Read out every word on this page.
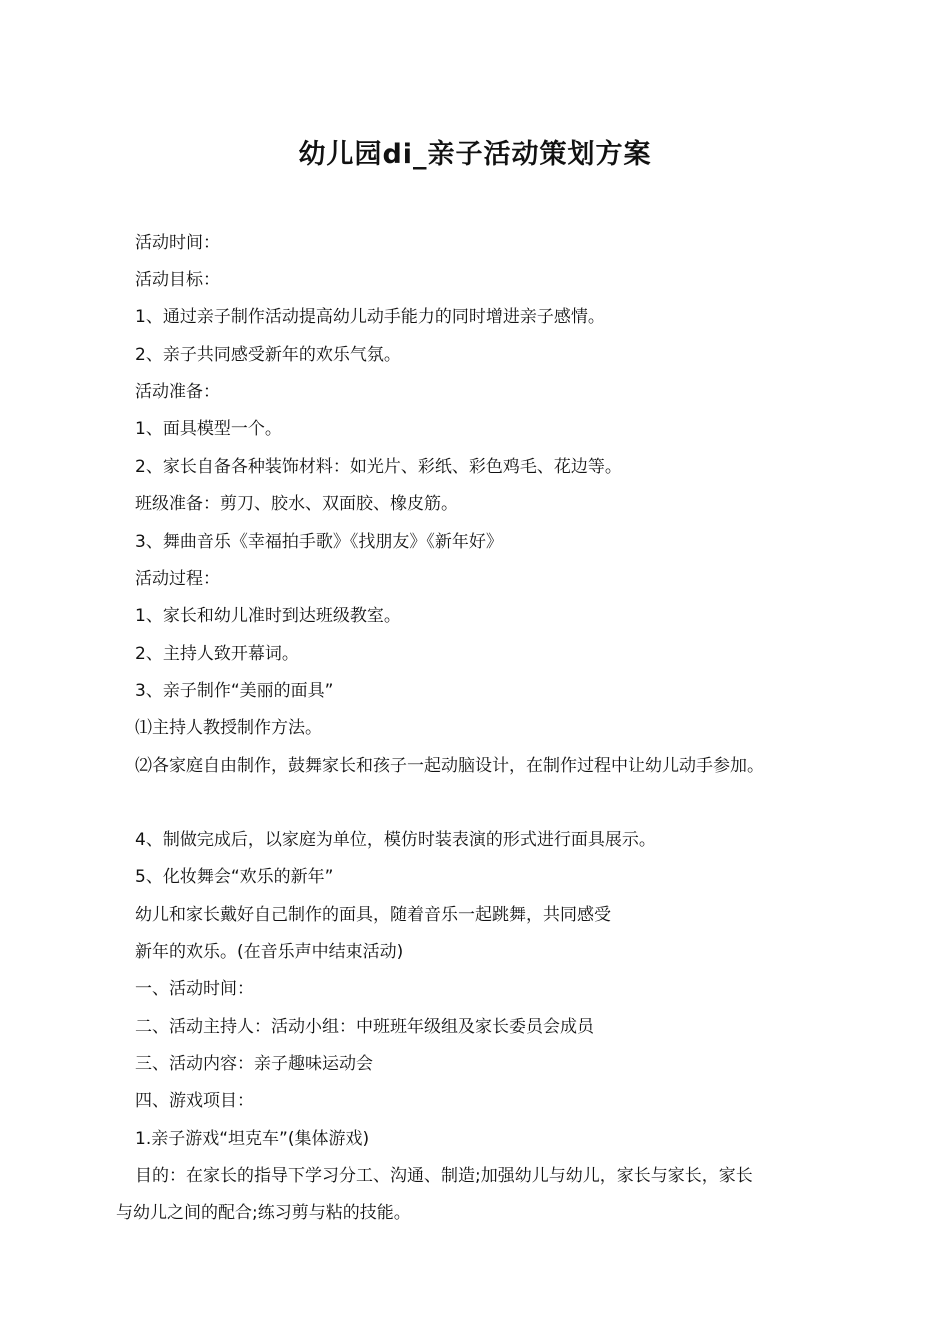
幼儿园di_亲子活动策划方案
活动时间：
活动目标：
1、通过亲子制作活动提高幼儿动手能力的同时增进亲子感情。
2、亲子共同感受新年的欢乐气氛。
活动准备：
1、面具模型一个。
2、家长自备各种装饰材料：如光片、彩纸、彩色鸡毛、花边等。
班级准备：剪刀、胶水、双面胶、橡皮筋。
3、舞曲音乐《幸福拍手歌》《找朋友》《新年好》
活动过程：
1、家长和幼儿准时到达班级教室。
2、主持人致开幕词。
3、亲子制作“美丽的面具”
⑴主持人教授制作方法。
⑵各家庭自由制作，鼓舞家长和孩子一起动脑设计，在制作过程中让幼儿动手参加。
4、制做完成后，以家庭为单位，模仿时装表演的形式进行面具展示。
5、化妆舞会“欢乐的新年”
幼儿和家长戴好自己制作的面具，随着音乐一起跳舞，共同感受
新年的欢乐。(在音乐声中结束活动)
一、活动时间：
二、活动主持人：活动小组：中班班年级组及家长委员会成员
三、活动内容：亲子趣味运动会
四、游戏项目：
1.亲子游戏“坦克车”(集体游戏)
目的：在家长的指导下学习分工、沟通、制造;加强幼儿与幼儿，家长与家长，家长
与幼儿之间的配合;练习剪与粘的技能。
